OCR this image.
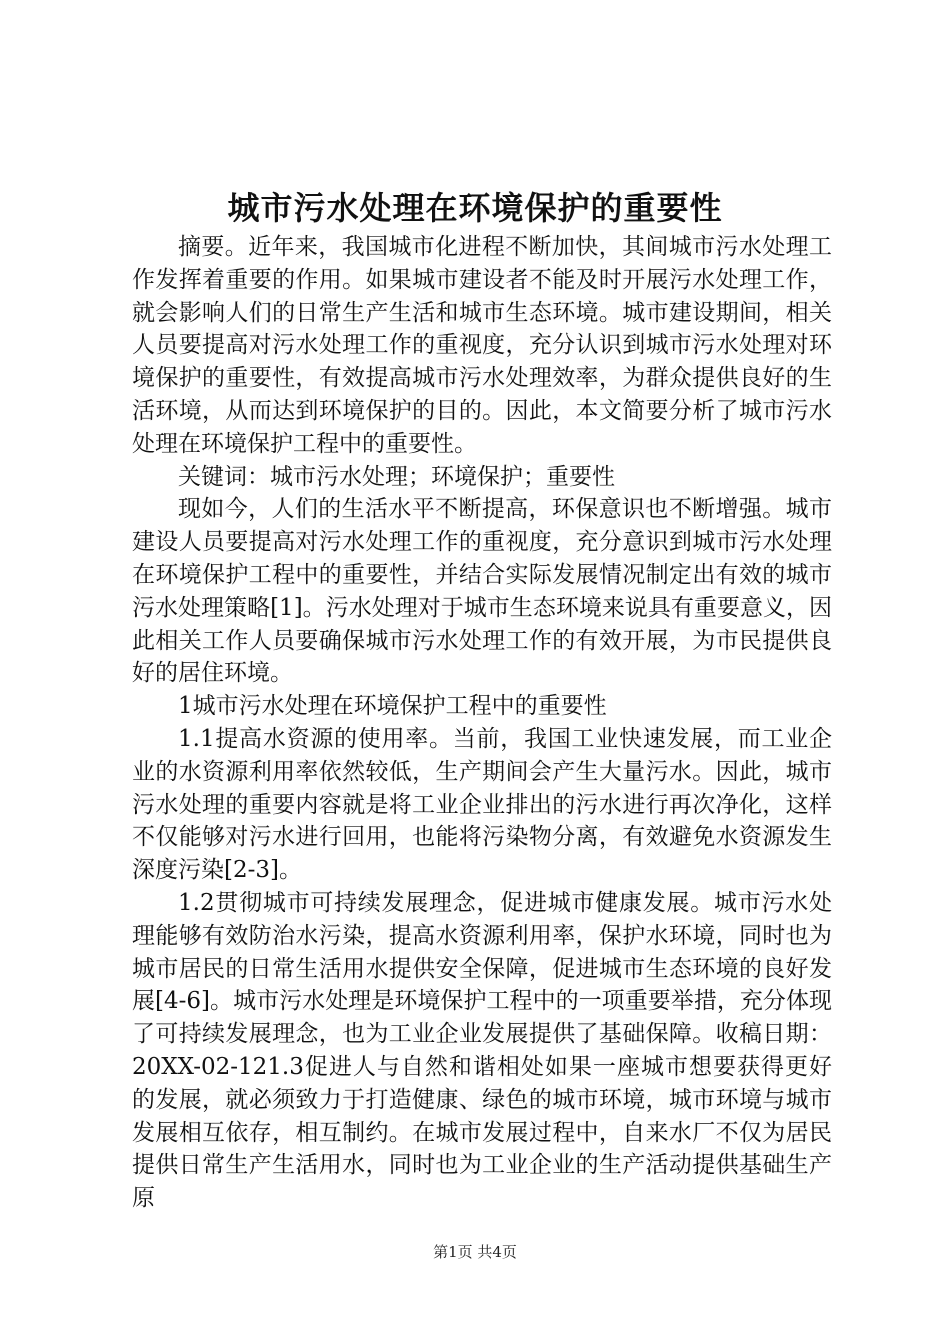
城市污水处理在环境保护的重要性

摘要。近年来，我国城市化进程不断加快，其间城市污水处理工作发挥着重要的作用。如果城市建设者不能及时开展污水处理工作，就会影响人们的日常生产生活和城市生态环境。城市建设期间，相关人员要提高对污水处理工作的重视度，充分认识到城市污水处理对环境保护的重要性，有效提高城市污水处理效率，为群众提供良好的生活环境，从而达到环境保护的目的。因此，本文简要分析了城市污水处理在环境保护工程中的重要性。

关键词：城市污水处理；环境保护；重要性

现如今，人们的生活水平不断提高，环保意识也不断增强。城市建设人员要提高对污水处理工作的重视度，充分意识到城市污水处理在环境保护工程中的重要性，并结合实际发展情况制定出有效的城市污水处理策略[1]。污水处理对于城市生态环境来说具有重要意义，因此相关工作人员要确保城市污水处理工作的有效开展，为市民提供良好的居住环境。

1城市污水处理在环境保护工程中的重要性

1.1提高水资源的使用率。当前，我国工业快速发展，而工业企业的水资源利用率依然较低，生产期间会产生大量污水。因此，城市污水处理的重要内容就是将工业企业排出的污水进行再次净化，这样不仅能够对污水进行回用，也能将污染物分离，有效避免水资源发生深度污染[2-3]。

1.2贯彻城市可持续发展理念，促进城市健康发展。城市污水处理能够有效防治水污染，提高水资源利用率，保护水环境，同时也为城市居民的日常生活用水提供安全保障，促进城市生态环境的良好发展[4-6]。城市污水处理是环境保护工程中的一项重要举措，充分体现了可持续发展理念，也为工业企业发展提供了基础保障。收稿日期：20XX-02-121.3促进人与自然和谐相处如果一座城市想要获得更好的发展，就必须致力于打造健康、绿色的城市环境，城市环境与城市发展相互依存，相互制约。在城市发展过程中，自来水厂不仅为居民提供日常生产生活用水，同时也为工业企业的生产活动提供基础生产原

第1页 共4页
